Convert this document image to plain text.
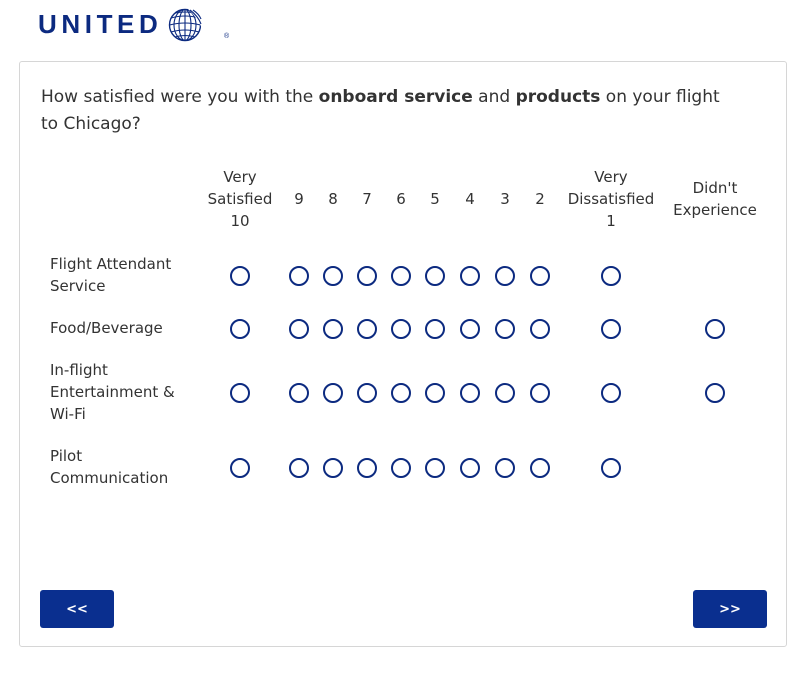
UNITED	®

How satisfied were you with the onboard service and products on your flight to Chicago?

Very
Satisfied
10
9 8 7 6 5 4 3 2
Very
Dissatisfied
1
Didn't
Experience
Flight Attendant
Service
Food/Beverage
In-flight
Entertainment &
Wi-Fi
Pilot
Communication
<<	>>
